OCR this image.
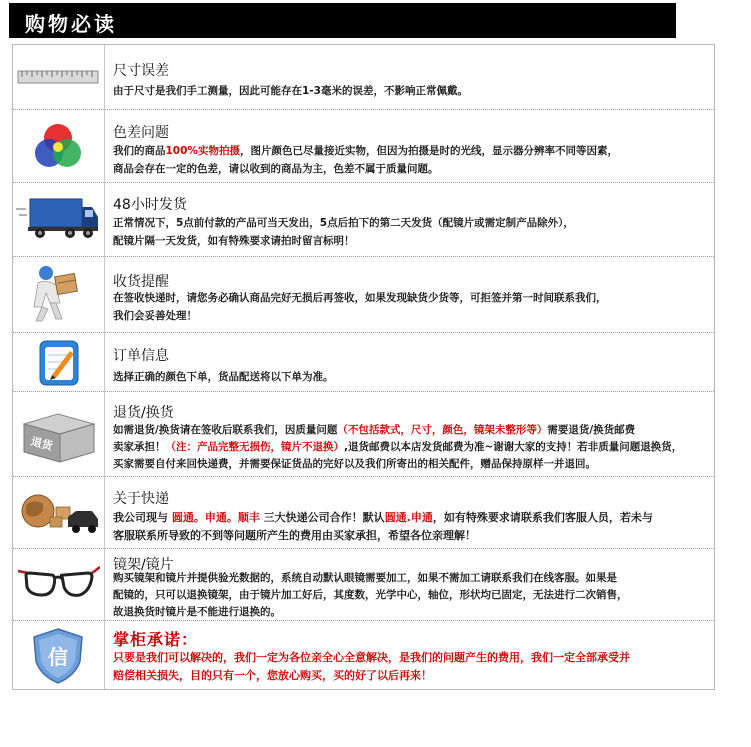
购物必读
尺寸误差
由于尺寸是我们手工测量，因此可能存在1-3毫米的误差，不影响正常佩戴。
色差问题
我们的商品100%实物拍摄，图片颜色已尽量接近实物，但因为拍摄是时的光线，显示器分辨率不同等因素，
商品会存在一定的色差，请以收到的商品为主，色差不属于质量问题。
48小时发货
正常情况下，5点前付款的产品可当天发出，5点后拍下的第二天发货（配镜片或需定制产品除外），
配镜片隔一天发货，如有特殊要求请拍时留言标明！
收货提醒
在签收快递时，请您务必确认商品完好无损后再签收，如果发现缺货少货等，可拒签并第一时间联系我们，
我们会妥善处理！
订单信息
选择正确的颜色下单，货品配送将以下单为准。
退货
退货/换货
如需退货/换货请在签收后联系我们，因质量问题（不包括款式，尺寸，颜色，镜架未整形等）需要退货/换货邮费
卖家承担！（注：产品完整无损伤，镜片不退换）,退货邮费以本店发货邮费为准~谢谢大家的支持！若非质量问题退换货，
买家需要自付来回快递费，并需要保证货品的完好以及我们所寄出的相关配件，赠品保持原样一并退回。
关于快递
我公司现与 圆通。申通。顺丰 三大快递公司合作！默认圆通.申通，如有特殊要求请联系我们客服人员，若未与
客服联系所导致的不到等问题所产生的费用由买家承担，希望各位亲理解！
镜架/镜片
购买镜架和镜片并提供验光数据的，系统自动默认眼镜需要加工，如果不需加工请联系我们在线客服。如果是
配镜的，只可以退换镜架，由于镜片加工好后，其度数，光学中心，轴位，形状均已固定，无法进行二次销售，
故退换货时镜片是不能进行退换的。
信
掌柜承诺：
只要是我们可以解决的，我们一定为各位亲全心全意解决，是我们的问题产生的费用，我们一定全部承受并
赔偿相关损失，目的只有一个，您放心购买，买的好了以后再来！
